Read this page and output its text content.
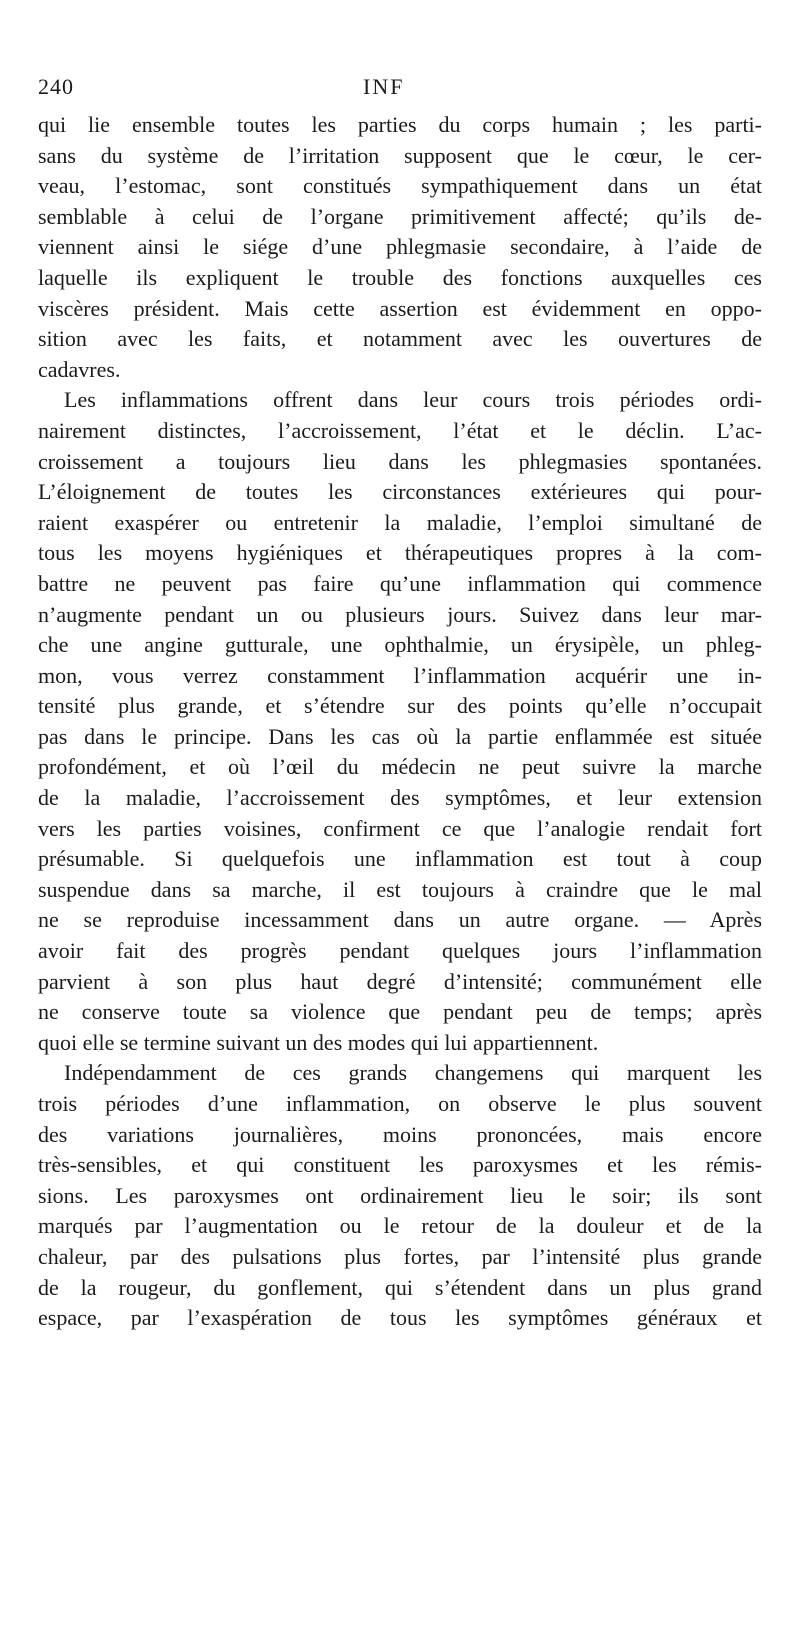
240	INF
qui lie ensemble toutes les parties du corps humain ; les parti-
sans du système de l’irritation supposent que le cœur, le cer-
veau, l’estomac, sont constitués sympathiquement dans un état
semblable à celui de l’organe primitivement affecté; qu’ils de-
viennent ainsi le siége d’une phlegmasie secondaire, à l’aide de
laquelle ils expliquent le trouble des fonctions auxquelles ces
viscères président. Mais cette assertion est évidemment en oppo-
sition avec les faits, et notamment avec les ouvertures de
cadavres.
Les inflammations offrent dans leur cours trois périodes ordi-
nairement distinctes, l’accroissement, l’état et le déclin. L’ac-
croissement a toujours lieu dans les phlegmasies spontanées.
L’éloignement de toutes les circonstances extérieures qui pour-
raient exaspérer ou entretenir la maladie, l’emploi simultané de
tous les moyens hygiéniques et thérapeutiques propres à la com-
battre ne peuvent pas faire qu’une inflammation qui commence
n’augmente pendant un ou plusieurs jours. Suivez dans leur mar-
che une angine gutturale, une ophthalmie, un érysipèle, un phleg-
mon, vous verrez constamment l’inflammation acquérir une in-
tensité plus grande, et s’étendre sur des points qu’elle n’occupait
pas dans le principe. Dans les cas où la partie enflammée est située
profondément, et où l’œil du médecin ne peut suivre la marche
de la maladie, l’accroissement des symptômes, et leur extension
vers les parties voisines, confirment ce que l’analogie rendait fort
présumable. Si quelquefois une inflammation est tout à coup
suspendue dans sa marche, il est toujours à craindre que le mal
ne se reproduise incessamment dans un autre organe. — Après
avoir fait des progrès pendant quelques jours l’inflammation
parvient à son plus haut degré d’intensité; communément elle
ne conserve toute sa violence que pendant peu de temps; après
quoi elle se termine suivant un des modes qui lui appartiennent.
Indépendamment de ces grands changemens qui marquent les
trois périodes d’une inflammation, on observe le plus souvent
des variations journalières, moins prononcées, mais encore
très-sensibles, et qui constituent les paroxysmes et les rémis-
sions. Les paroxysmes ont ordinairement lieu le soir; ils sont
marqués par l’augmentation ou le retour de la douleur et de la
chaleur, par des pulsations plus fortes, par l’intensité plus grande
de la rougeur, du gonflement, qui s’étendent dans un plus grand
espace, par l’exaspération de tous les symptômes généraux et
